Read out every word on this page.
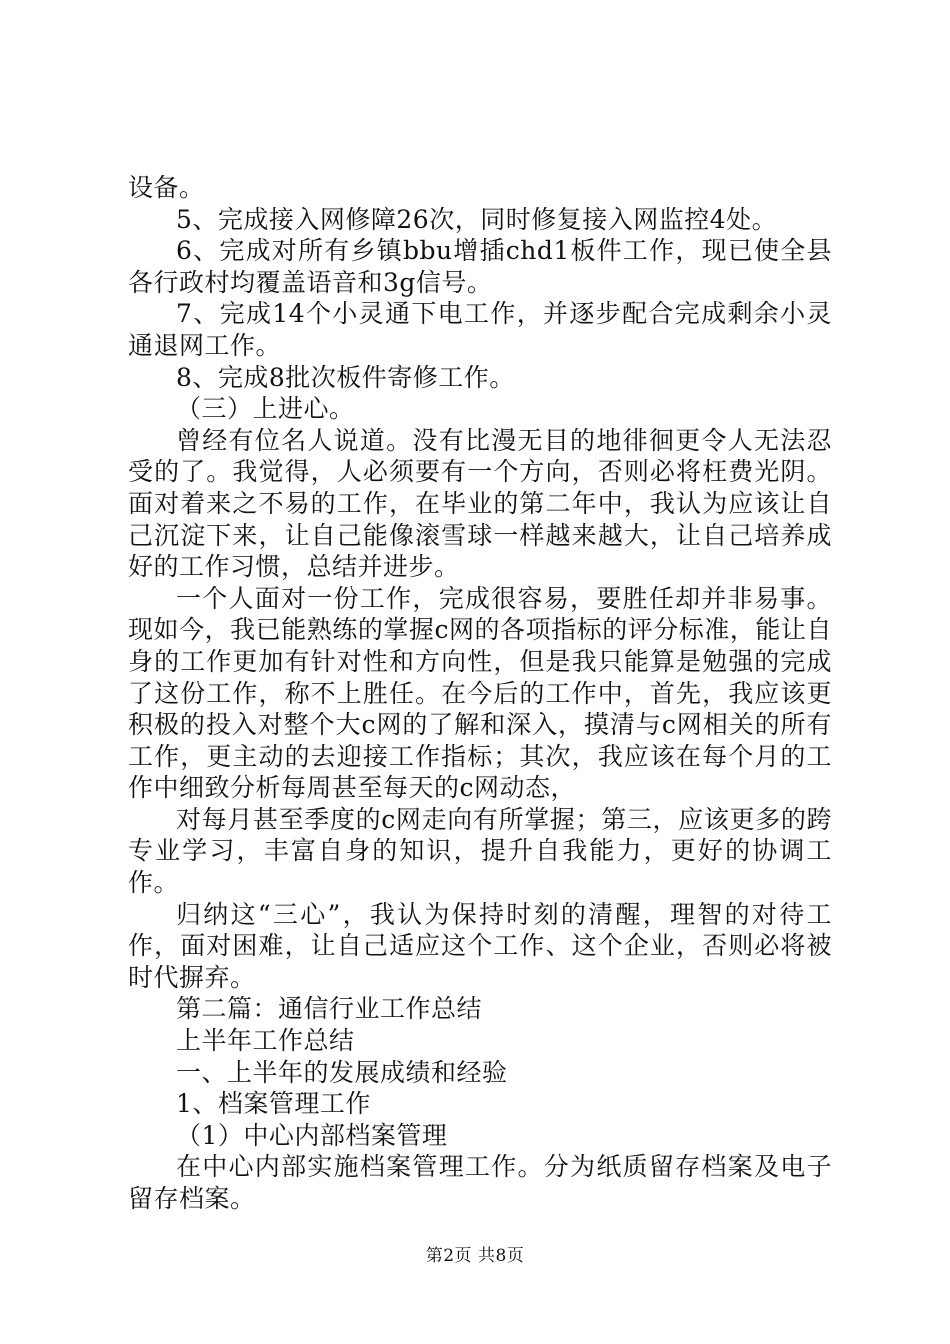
设备。

5、完成接入网修障26次，同时修复接入网监控4处。

6、完成对所有乡镇bbu增插chd1板件工作，现已使全县各行政村均覆盖语音和3g信号。

7、完成14个小灵通下电工作，并逐步配合完成剩余小灵通退网工作。

8、完成8批次板件寄修工作。

（三）上进心。

曾经有位名人说道。没有比漫无目的地徘徊更令人无法忍受的了。我觉得，人必须要有一个方向，否则必将枉费光阴。面对着来之不易的工作，在毕业的第二年中，我认为应该让自己沉淀下来，让自己能像滚雪球一样越来越大，让自己培养成好的工作习惯，总结并进步。

一个人面对一份工作，完成很容易，要胜任却并非易事。现如今，我已能熟练的掌握c网的各项指标的评分标准，能让自身的工作更加有针对性和方向性，但是我只能算是勉强的完成了这份工作，称不上胜任。在今后的工作中，首先，我应该更积极的投入对整个大c网的了解和深入，摸清与c网相关的所有工作，更主动的去迎接工作指标；其次，我应该在每个月的工作中细致分析每周甚至每天的c网动态，

对每月甚至季度的c网走向有所掌握；第三，应该更多的跨专业学习，丰富自身的知识，提升自我能力，更好的协调工作。

归纳这“三心”，我认为保持时刻的清醒，理智的对待工作，面对困难，让自己适应这个工作、这个企业，否则必将被时代摒弃。

第二篇：通信行业工作总结

上半年工作总结

一、上半年的发展成绩和经验

1、档案管理工作

（1）中心内部档案管理

在中心内部实施档案管理工作。分为纸质留存档案及电子留存档案。

第2页 共8页
